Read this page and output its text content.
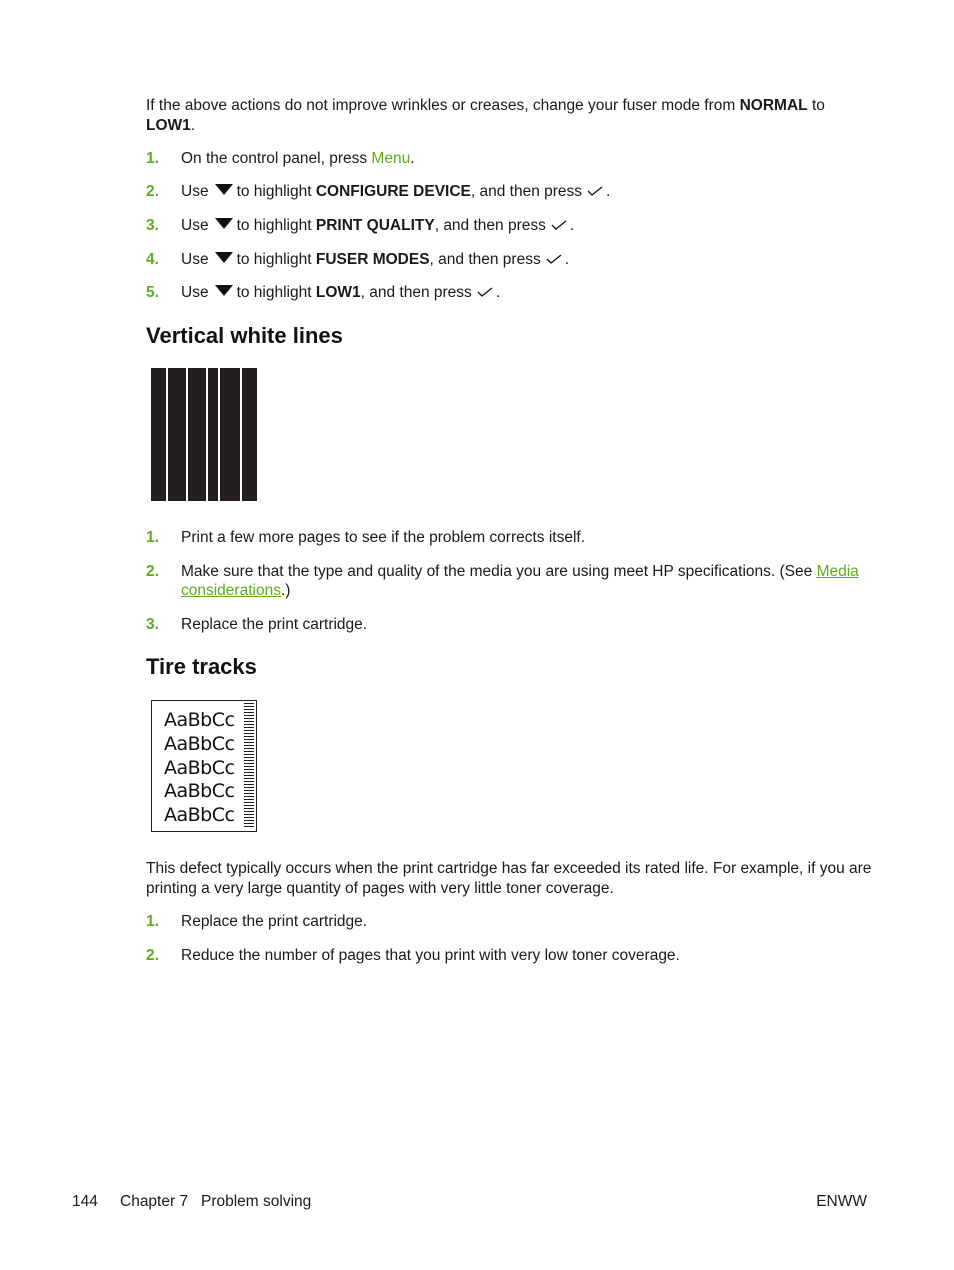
If the above actions do not improve wrinkles or creases, change your fuser mode from NORMAL to LOW1.

1. On the control panel, press Menu.
2. Use to highlight CONFIGURE DEVICE, and then press .
3. Use to highlight PRINT QUALITY, and then press .
4. Use to highlight FUSER MODES, and then press .
5. Use to highlight LOW1, and then press .
Vertical white lines
1. Print a few more pages to see if the problem corrects itself.
2. Make sure that the type and quality of the media you are using meet HP specifications. (See Media
considerations.)
3. Replace the print cartridge.
Tire tracks
AaBbCc
AaBbCc
AaBbCc
AaBbCc
AaBbCc

This defect typically occurs when the print cartridge has far exceeded its rated life. For example, if you are printing a very large quantity of pages with very little toner coverage.

1. Replace the print cartridge.
2. Reduce the number of pages that you print with very low toner coverage.
144 Chapter 7   Problem solving	ENWW
